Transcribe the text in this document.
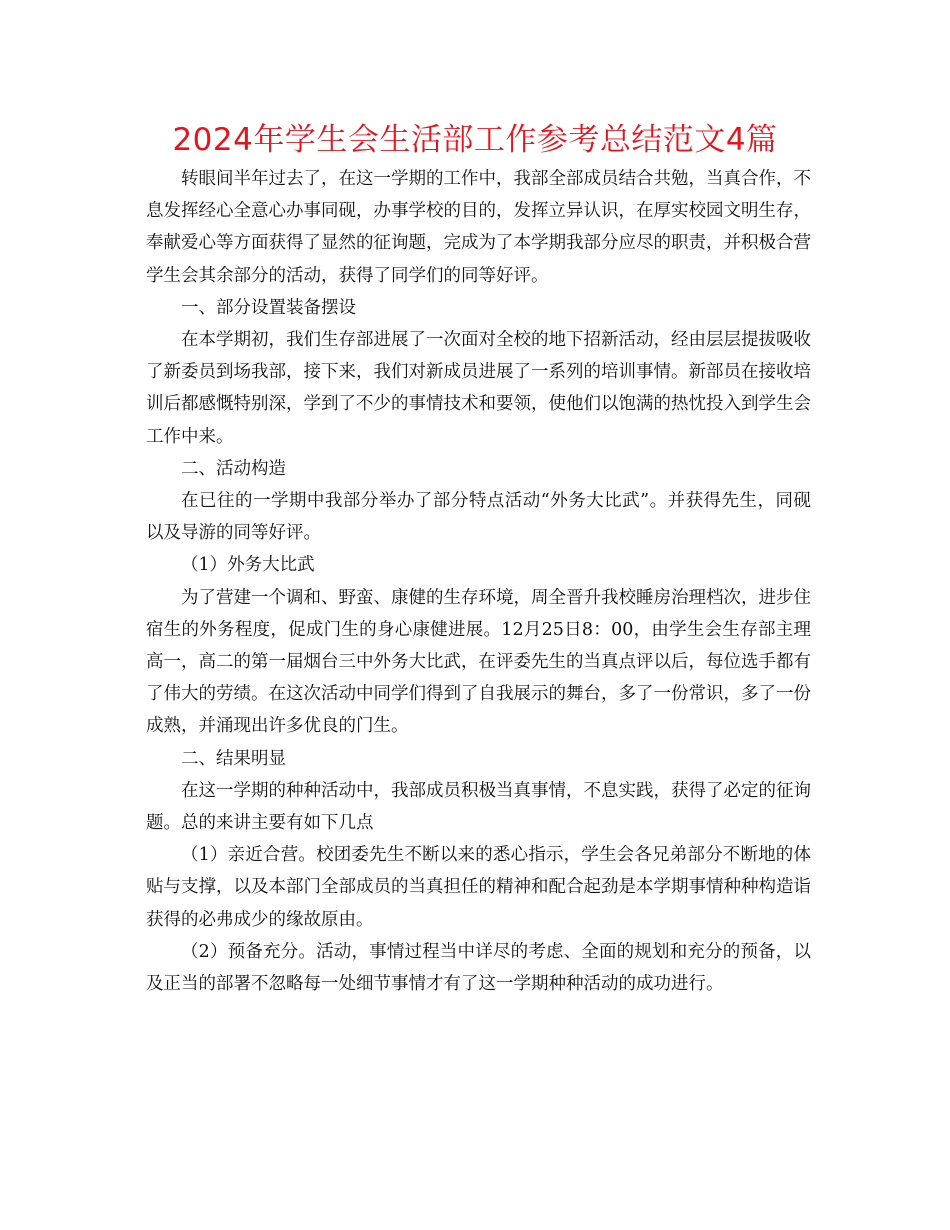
2024年学生会生活部工作参考总结范文4篇

转眼间半年过去了，在这一学期的工作中，我部全部成员结合共勉，当真合作，不息发挥经心全意心办事同砚，办事学校的目的，发挥立异认识，在厚实校园文明生存，奉献爱心等方面获得了显然的征询题，完成为了本学期我部分应尽的职责，并积极合营学生会其余部分的活动，获得了同学们的同等好评。

一、部分设置装备摆设

在本学期初，我们生存部进展了一次面对全校的地下招新活动，经由层层提拔吸收了新委员到场我部，接下来，我们对新成员进展了一系列的培训事情。新部员在接收培训后都感慨特别深，学到了不少的事情技术和要领，使他们以饱满的热忱投入到学生会工作中来。

二、活动构造

在已往的一学期中我部分举办了部分特点活动“外务大比武”。并获得先生，同砚以及导游的同等好评。

（1）外务大比武

为了营建一个调和、野蛮、康健的生存环境，周全晋升我校睡房治理档次，进步住宿生的外务程度，促成门生的身心康健进展。12月25日8：00，由学生会生存部主理高一，高二的第一届烟台三中外务大比武，在评委先生的当真点评以后，每位选手都有了伟大的劳绩。在这次活动中同学们得到了自我展示的舞台，多了一份常识，多了一份成熟，并涌现出许多优良的门生。

二、结果明显

在这一学期的种种活动中，我部成员积极当真事情，不息实践，获得了必定的征询题。总的来讲主要有如下几点

（1）亲近合营。校团委先生不断以来的悉心指示，学生会各兄弟部分不断地的体贴与支撑，以及本部门全部成员的当真担任的精神和配合起劲是本学期事情种种构造诣获得的必弗成少的缘故原由。

（2）预备充分。活动，事情过程当中详尽的考虑、全面的规划和充分的预备，以及正当的部署不忽略每一处细节事情才有了这一学期种种活动的成功进行。
